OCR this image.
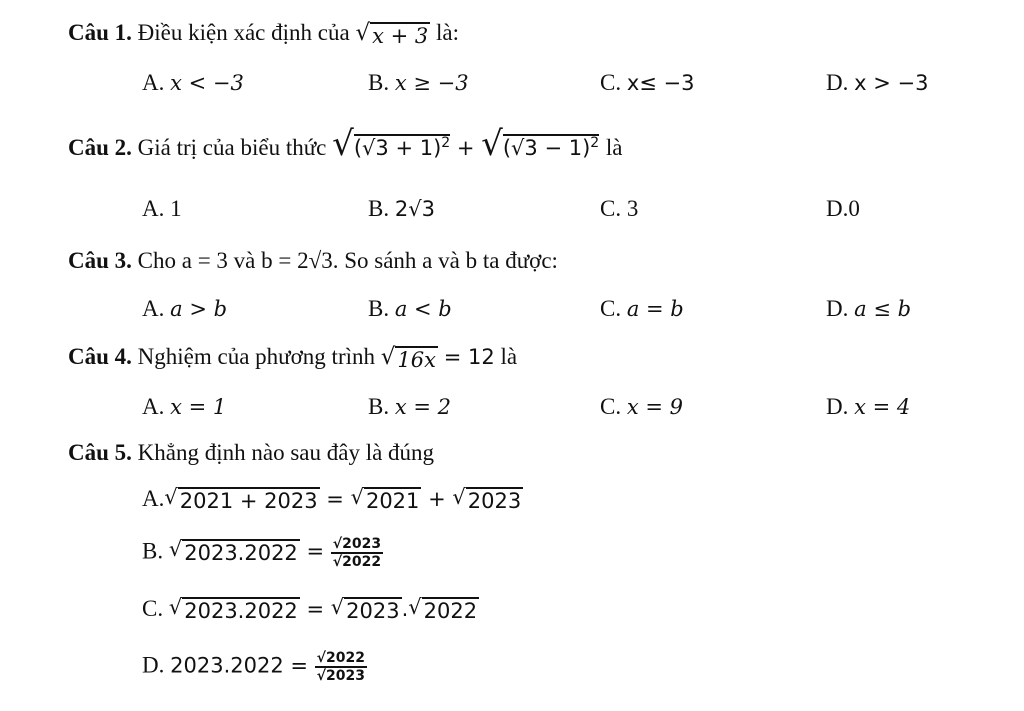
Câu 1. Điều kiện xác định của √ x + 3 là:
A. x < −3	B. x ≥ −3	C. x≤ −3	D. x > −3
Câu 2. Giá trị của biểu thức $√(√3 + 1)^2 + √(√3 - 1)^2$ là
A. 1	B. 2√3	C. 3	D.0
Câu 3. Cho a = 3 và b = 2√3. So sánh a và b ta được:
A. a > b	B. a < b	C. a = b	D. a ≤ b
Câu 4. Nghiệm của phương trình √ 16x = 12 là
A. x = 1	B. x = 2	C. x = 9	D. x = 4
Câu 5. Khẳng định nào sau đây là đúng
A. √ 2021 + 2023 = √ 2021 + √ 2023
B. √ $2023.2022 = \frac{√2023}{√2022}$
C. √ 2023.2022 = √ 2023 . √ 2022
D. $2023.2022 = \frac{√2022}{√2023}$
